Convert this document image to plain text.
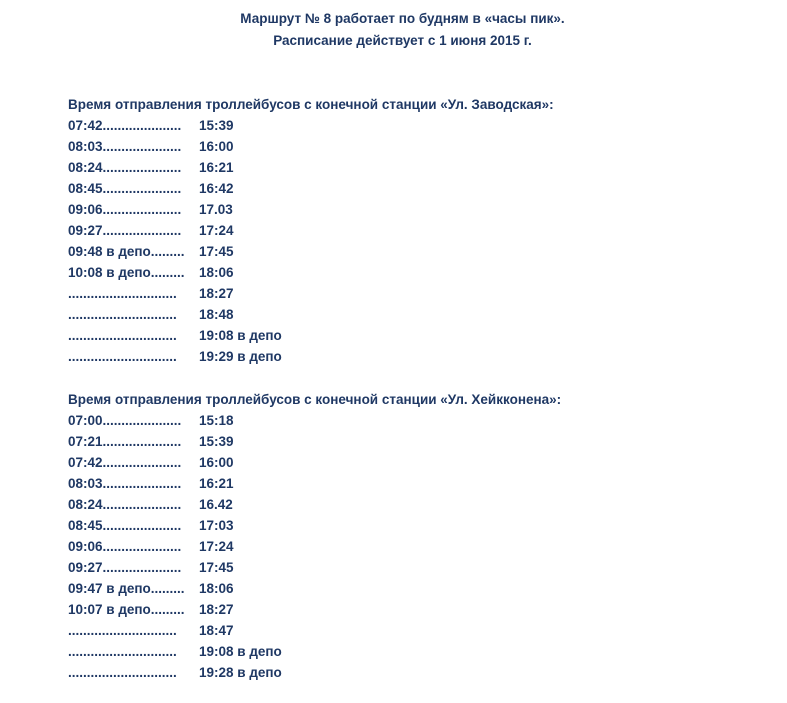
Маршрут № 8 работает по будням в «часы пик».
Расписание действует с 1 июня 2015 г.
Время отправления троллейбусов с конечной станции «Ул. Заводская»:
07:42..................... 15:39
08:03..................... 16:00
08:24..................... 16:21
08:45..................... 16:42
09:06..................... 17.03
09:27..................... 17:24
09:48 в депо......... 17:45
10:08 в депо......... 18:06
............................. 18:27
............................. 18:48
............................. 19:08 в депо
............................. 19:29 в депо
Время отправления троллейбусов с конечной станции «Ул. Хейкконена»:
07:00..................... 15:18
07:21..................... 15:39
07:42..................... 16:00
08:03..................... 16:21
08:24..................... 16.42
08:45..................... 17:03
09:06..................... 17:24
09:27..................... 17:45
09:47 в депо......... 18:06
10:07 в депо......... 18:27
............................. 18:47
............................. 19:08 в депо
............................. 19:28 в депо
